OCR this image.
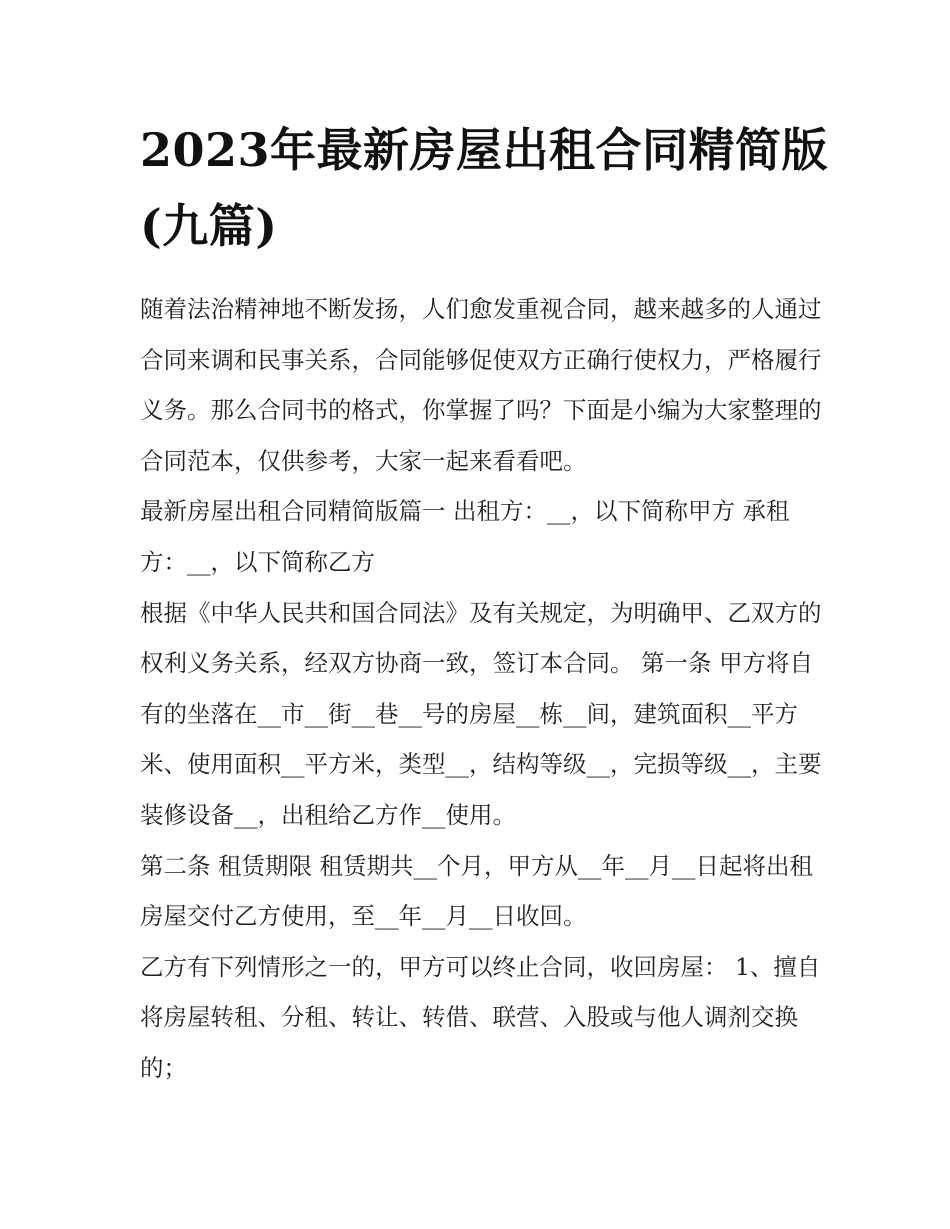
2023年最新房屋出租合同精简版(九篇)

随着法治精神地不断发扬，人们愈发重视合同，越来越多的人通过合同来调和民事关系，合同能够促使双方正确行使权力，严格履行义务。那么合同书的格式，你掌握了吗？下面是小编为大家整理的合同范本，仅供参考，大家一起来看看吧。

最新房屋出租合同精简版篇一 出租方：__，以下简称甲方 承租方：__，以下简称乙方

根据《中华人民共和国合同法》及有关规定，为明确甲、乙双方的权利义务关系，经双方协商一致，签订本合同。 第一条 甲方将自有的坐落在__市__街__巷__号的房屋__栋__间，建筑面积__平方米、使用面积__平方米，类型__，结构等级__，完损等级__，主要装修设备__，出租给乙方作__使用。

第二条 租赁期限 租赁期共__个月，甲方从__年__月__日起将出租房屋交付乙方使用，至__年__月__日收回。

乙方有下列情形之一的，甲方可以终止合同，收回房屋： 1、擅自将房屋转租、分租、转让、转借、联营、入股或与他人调剂交换的；
